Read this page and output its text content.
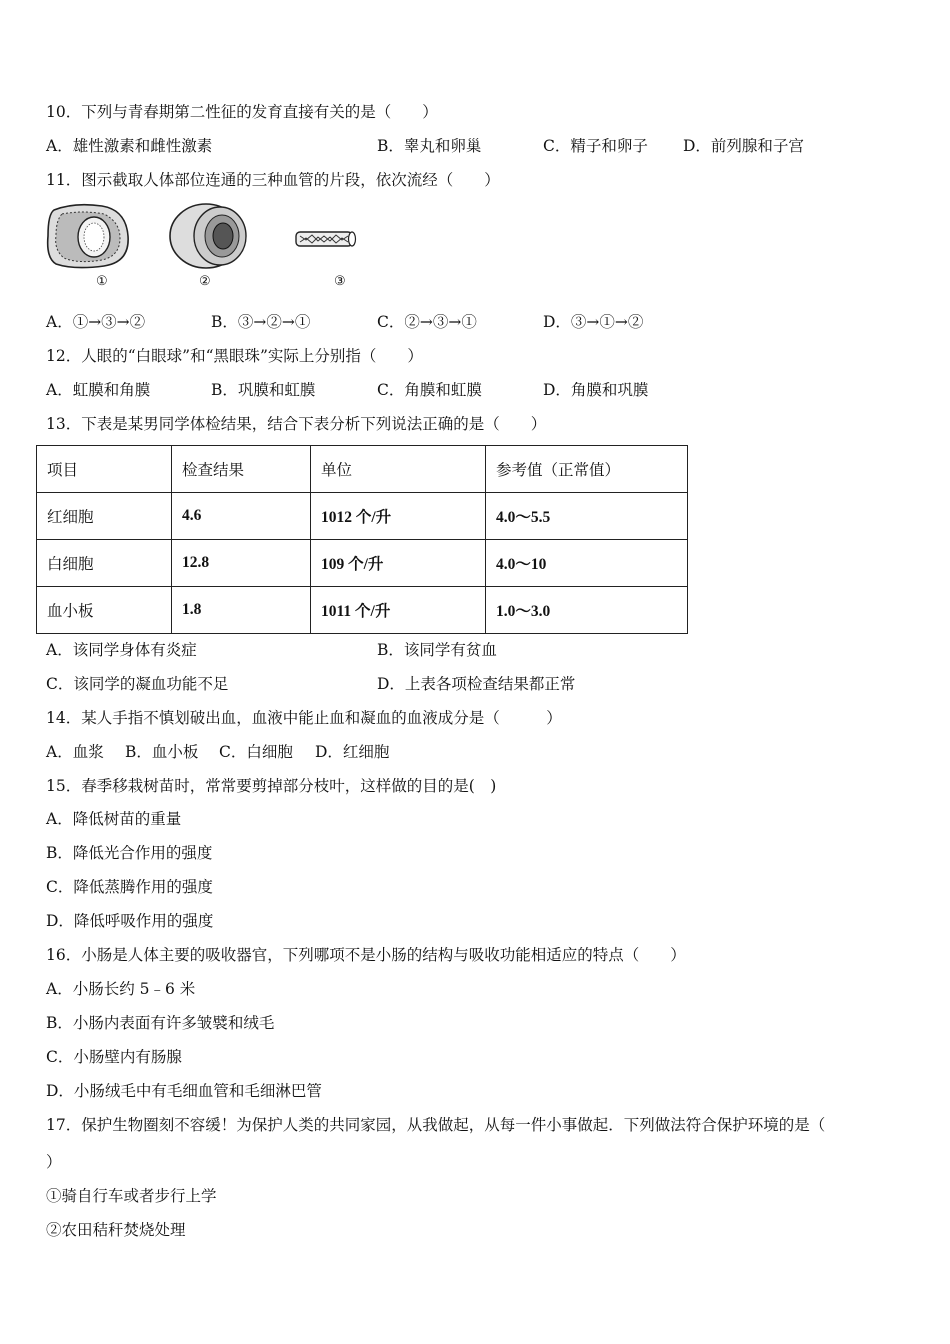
10．下列与青春期第二性征的发育直接有关的是（　　）
A．雄性激素和雌性激素	B．睾丸和卵巢	C．精子和卵子 D．前列腺和子宫
11．图示截取人体部位连通的三种血管的片段，依次流经（　　）
①	②	③
A．①→③→②	B．③→②→①	C．②→③→①	D．③→①→②
12．人眼的“白眼球”和“黑眼珠”实际上分别指（　　）
A．虹膜和角膜	B．巩膜和虹膜	C．角膜和虹膜	D．角膜和巩膜
13．下表是某男同学体检结果，结合下表分析下列说法正确的是（　　）
项目	检查结果	单位	参考值（正常值）
红细胞	4.6	1012 个/升	4.0～5.5
白细胞	12.8	109 个/升	4.0～10
血小板	1.8	1011 个/升	1.0～3.0
A．该同学身体有炎症	B．该同学有贫血
C．该同学的凝血功能不足	D．上表各项检查结果都正常
14．某人手指不慎划破出血，血液中能止血和凝血的血液成分是（　　　）
A．血浆 B．血小板 C．白细胞 D．红细胞
15．春季移栽树苗时，常常要剪掉部分枝叶，这样做的目的是(　)
A．降低树苗的重量
B．降低光合作用的强度
C．降低蒸腾作用的强度
D．降低呼吸作用的强度
16．小肠是人体主要的吸收器官，下列哪项不是小肠的结构与吸收功能相适应的特点（　　）
A．小肠长约 5﹣6 米
B．小肠内表面有许多皱襞和绒毛
C．小肠壁内有肠腺
D．小肠绒毛中有毛细血管和毛细淋巴管
17．保护生物圈刻不容缓！为保护人类的共同家园，从我做起，从每一件小事做起．下列做法符合保护环境的是（
）
①骑自行车或者步行上学
②农田秸秆焚烧处理
